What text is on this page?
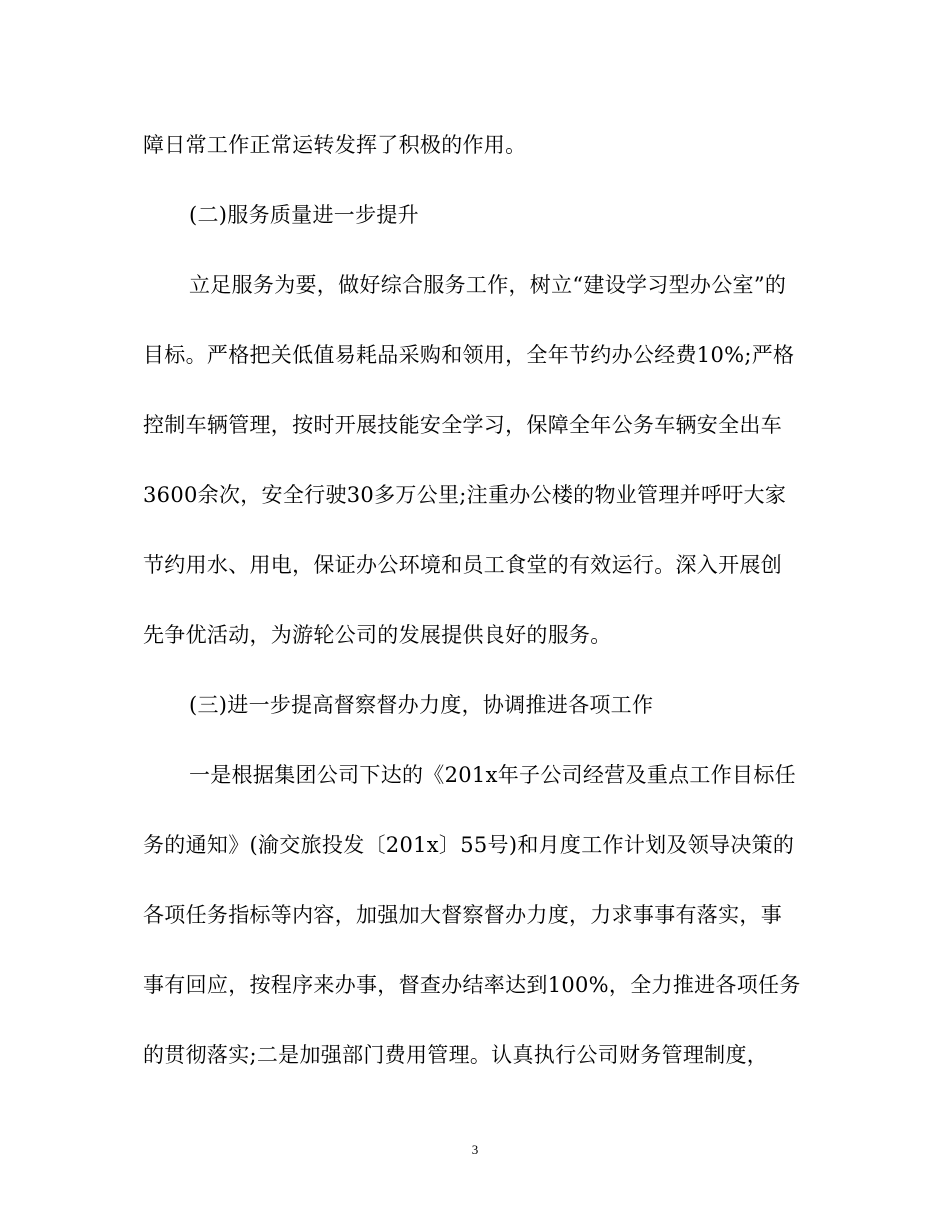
障日常工作正常运转发挥了积极的作用。
(二)服务质量进一步提升
立足服务为要，做好综合服务工作，树立“建设学习型办公室”的
目标。严格把关低值易耗品采购和领用，全年节约办公经费10%;严格
控制车辆管理，按时开展技能安全学习，保障全年公务车辆安全出车
3600余次，安全行驶30多万公里;注重办公楼的物业管理并呼吁大家
节约用水、用电，保证办公环境和员工食堂的有效运行。深入开展创
先争优活动，为游轮公司的发展提供良好的服务。
(三)进一步提高督察督办力度，协调推进各项工作
一是根据集团公司下达的《201x年子公司经营及重点工作目标任
务的通知》(渝交旅投发〔201x〕55号)和月度工作计划及领导决策的
各项任务指标等内容，加强加大督察督办力度，力求事事有落实，事
事有回应，按程序来办事，督查办结率达到100%，全力推进各项任务
的贯彻落实;二是加强部门费用管理。认真执行公司财务管理制度，
3
